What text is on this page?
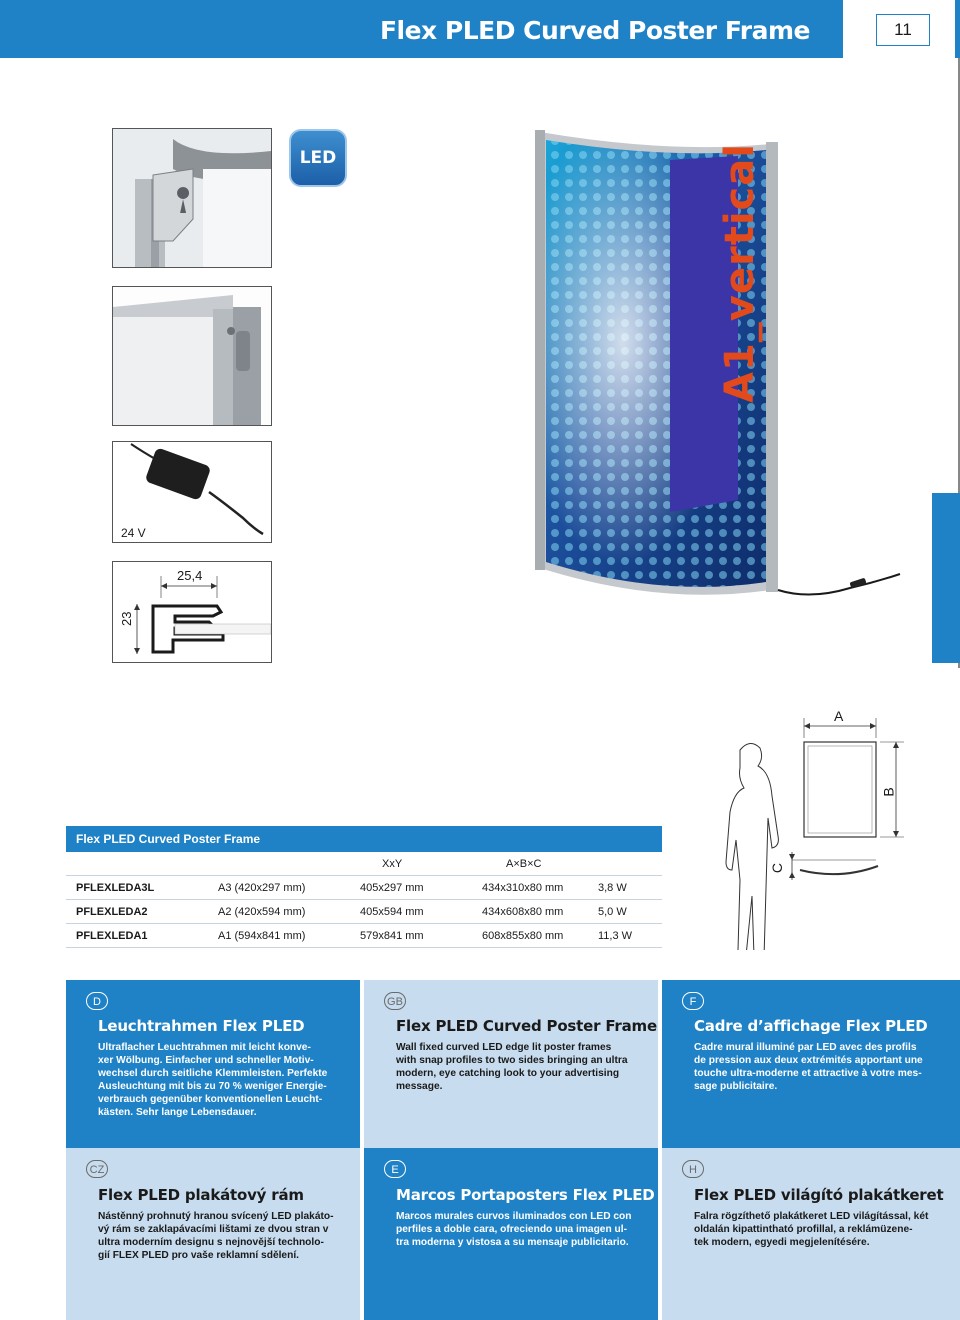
Flex PLED Curved Poster Frame	11
LED
24 V
25,4
23
A1_vertical
A
B
C
Flex PLED Curved Poster Frame
XxY	A×B×C
PFLEXLEDA3L	A3 (420x297 mm)	405x297 mm	434x310x80 mm	3,8 W
PFLEXLEDA2	A2 (420x594 mm)	405x594 mm	434x608x80 mm	5,0 W
PFLEXLEDA1	A1 (594x841 mm)	579x841 mm	608x855x80 mm	11,3 W
D
Leuchtrahmen Flex PLED

Ultraflacher Leuchtrahmen mit leicht konve-
xer Wölbung. Einfacher und schneller Motiv-
wechsel durch seitliche Klemmleisten. Perfekte
Ausleuchtung mit bis zu 70 % weniger Energie-
verbrauch gegenüber konventionellen Leucht-
kästen. Sehr lange Lebensdauer.

GB
Flex PLED Curved Poster Frame

Wall fixed curved LED edge lit poster frames
with snap profiles to two sides bringing an ultra
modern, eye catching look to your advertising
message.

F
Cadre d’affichage Flex PLED

Cadre mural illuminé par LED avec des profils
de pression aux deux extrémités apportant une
touche ultra-moderne et attractive à votre mes-
sage publicitaire.

CZ
Flex PLED plakátový rám

Nástěnný prohnutý hranou svícený LED plakáto-
vý rám se zaklapávacími lištami ze dvou stran v
ultra moderním designu s nejnovější technolo-
gií FLEX PLED pro vaše reklamní sdělení.

E
Marcos Portaposters Flex PLED

Marcos murales curvos iluminados con LED con
perfiles a doble cara, ofreciendo una imagen ul-
tra moderna y vistosa a su mensaje publicitario.

H
Flex PLED világító plakátkeret

Falra rögzíthető plakátkeret LED világítással, két
oldalán kipattintható profillal, a reklámüzene-
tek modern, egyedi megjelenítésére.
